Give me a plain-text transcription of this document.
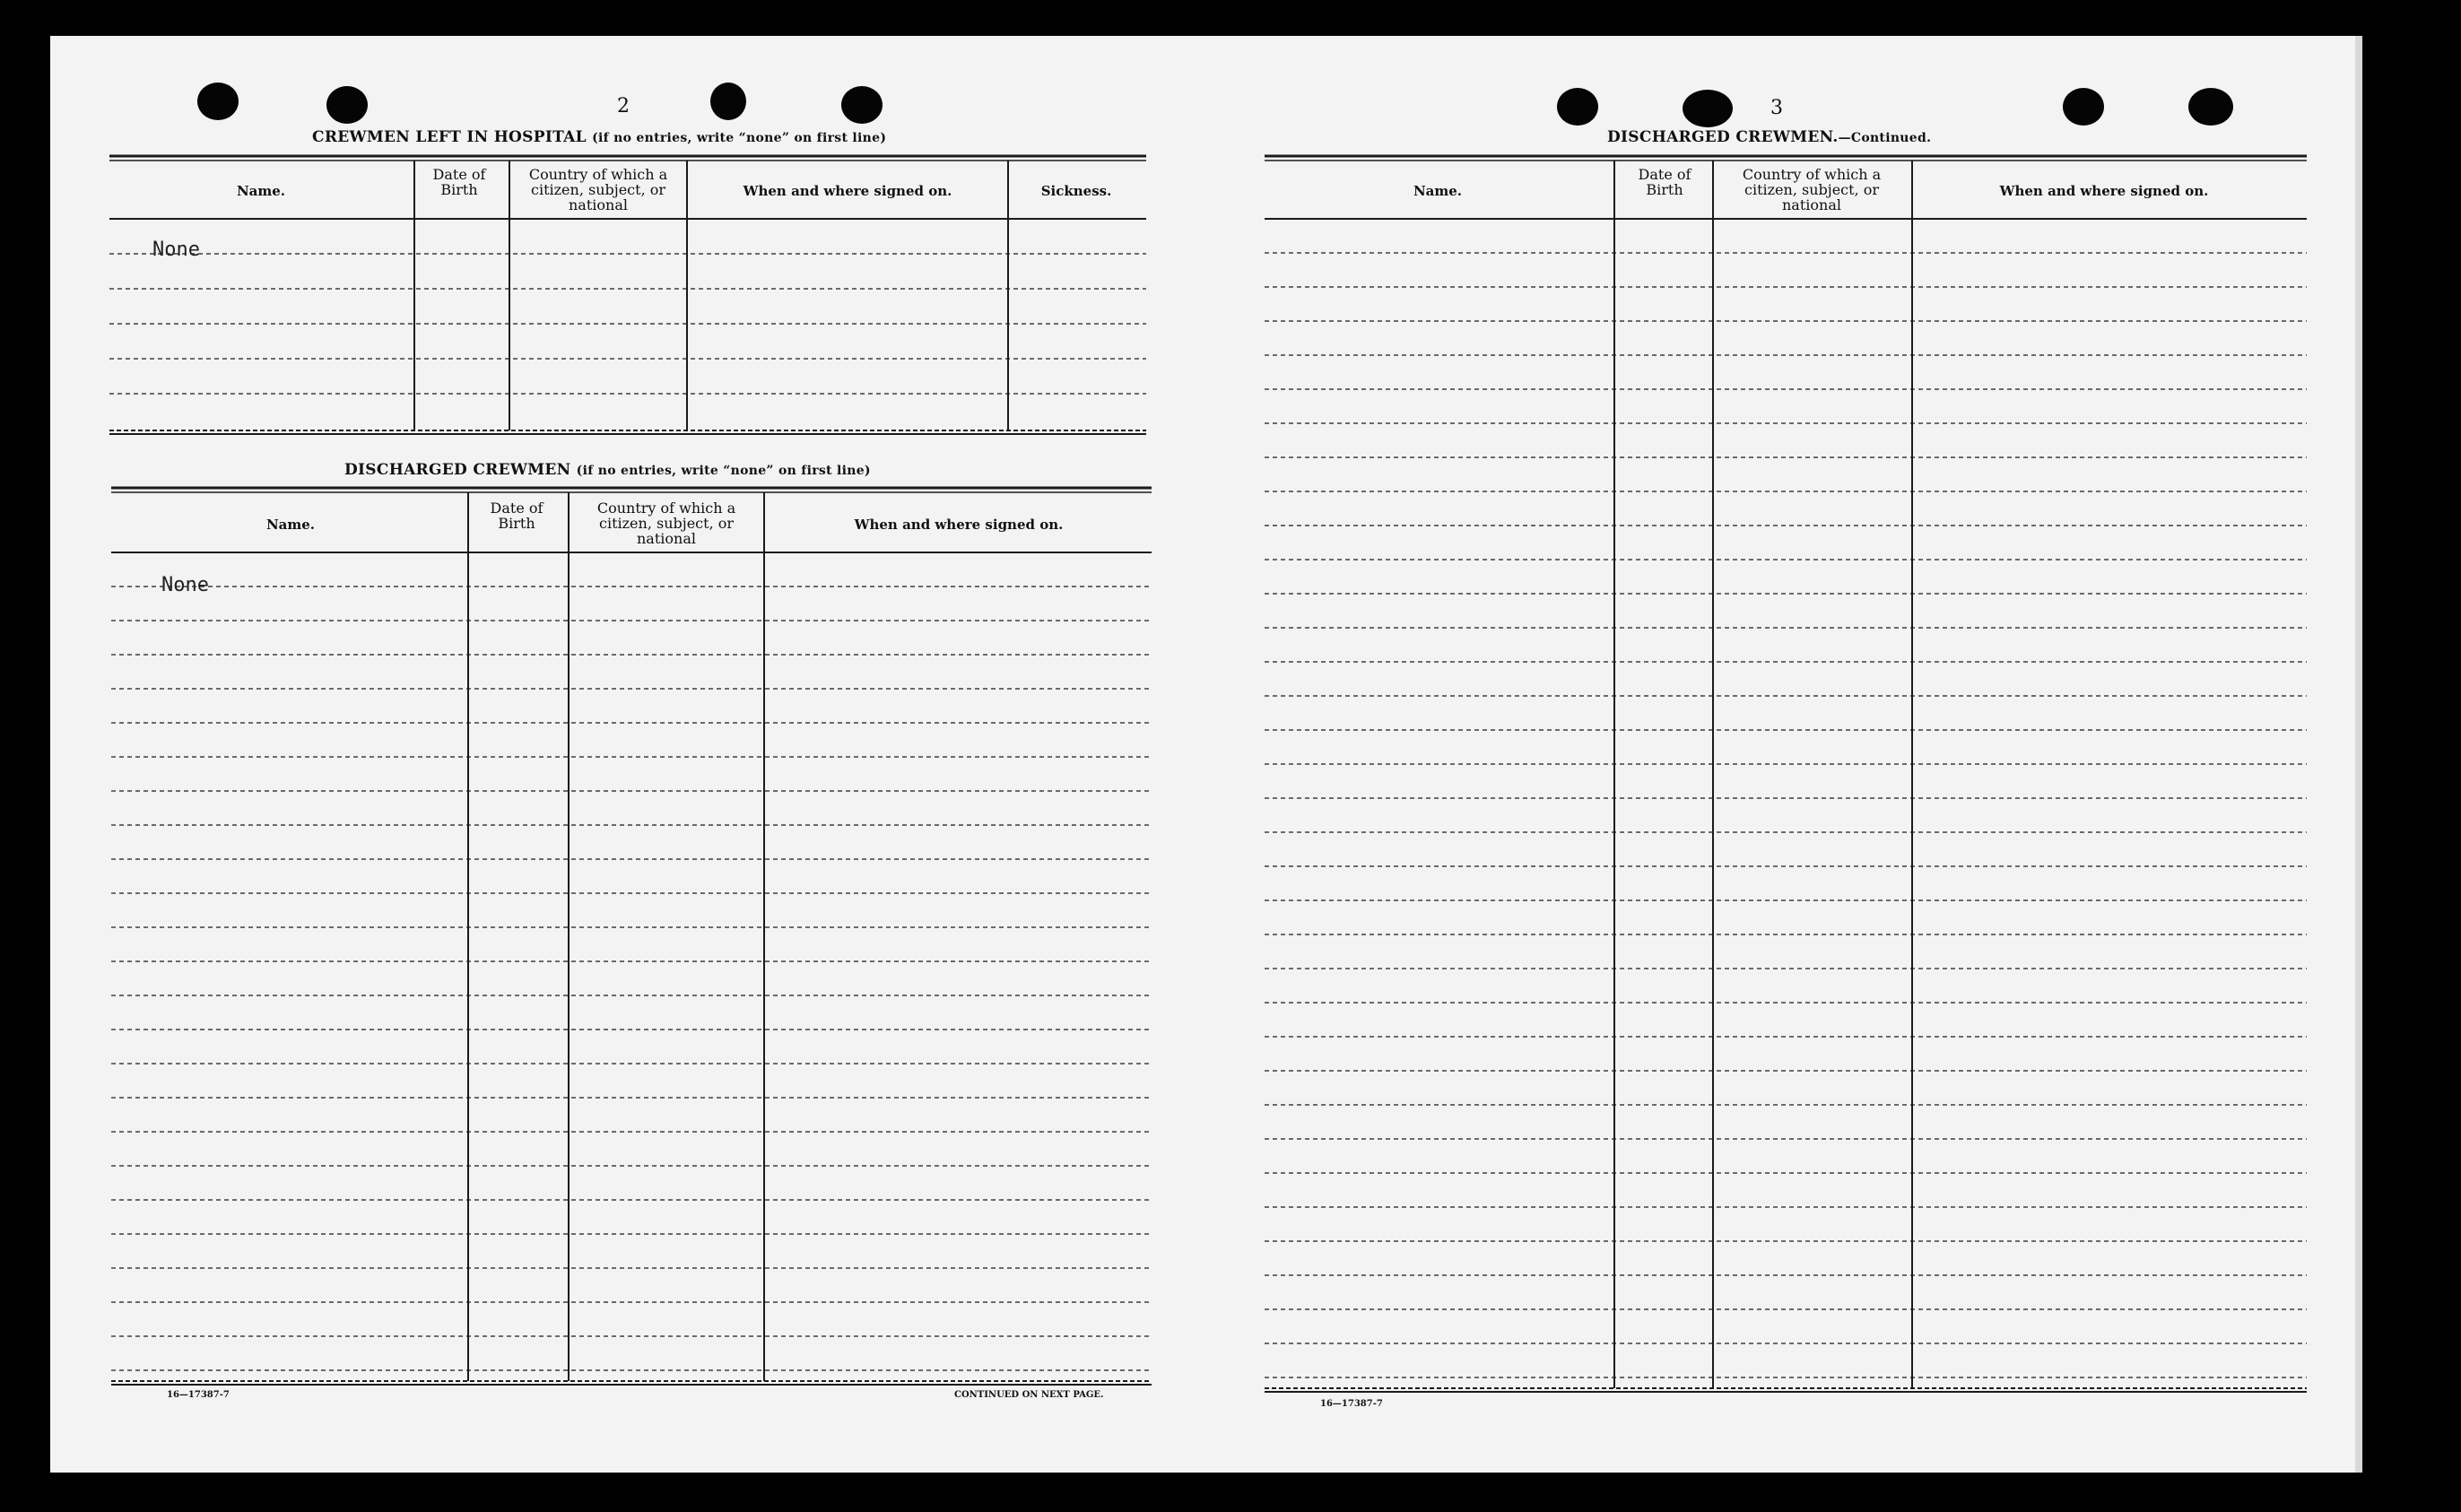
2
CREWMEN LEFT IN HOSPITAL (if no entries, write “none” on first line)
Name.
Date of Birth
Country of which a citizen, subject, or national
When and where signed on.	Sickness.
None
DISCHARGED CREWMEN (if no entries, write “none” on first line)
Name.
Date of Birth
Country of which a citizen, subject, or national
When and where signed on.
None
16—17387-7	CONTINUED ON NEXT PAGE.
3
DISCHARGED CREWMEN.—Continued.
Name.
Date of Birth
Country of which a citizen, subject, or national
When and where signed on.
16—17387-7
